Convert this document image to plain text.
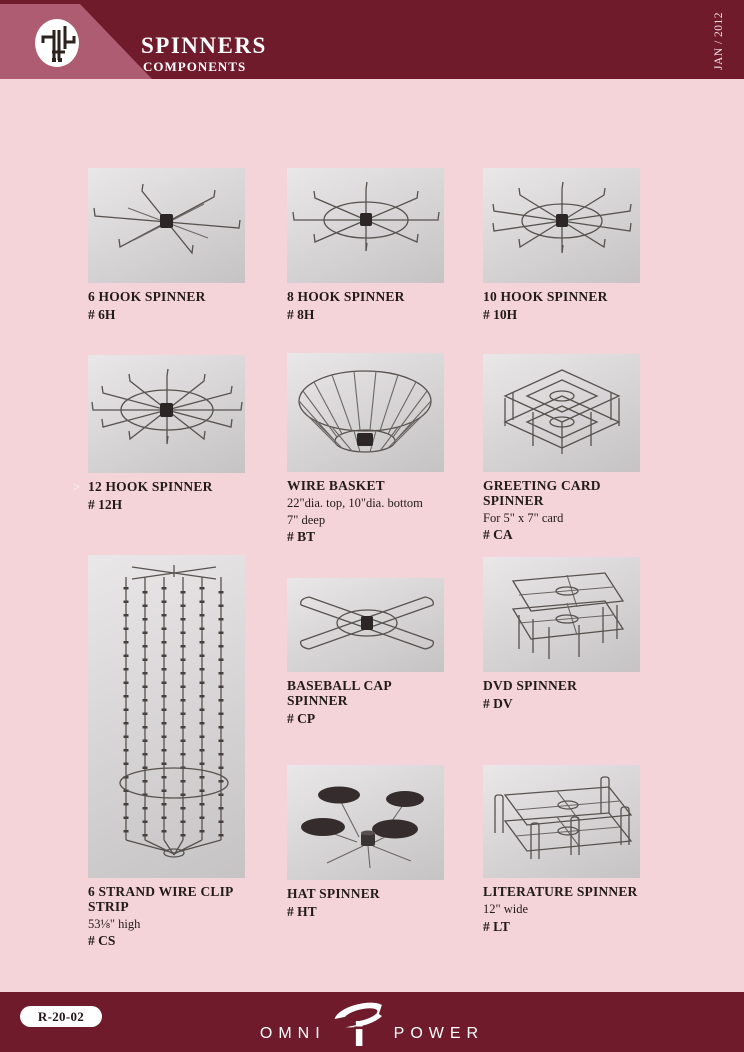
SPINNERS
COMPONENTS	JAN / 2012
6 HOOK SPINNER
# 6H
8 HOOK SPINNER
# 8H
10 HOOK SPINNER
# 10H
> 12 HOOK SPINNER
# 12H
WIRE BASKET
22"dia. top, 10"dia. bottom
7" deep
# BT
GREETING CARD SPINNER
For 5" x 7" card
# CA
6 STRAND WIRE CLIP STRIP
53⅛" high
# CS
BASEBALL CAP SPINNER
# CP
DVD SPINNER
# DV
HAT SPINNER
# HT
LITERATURE SPINNER
12" wide
# LT
R-20-02
OMNI	POWER
